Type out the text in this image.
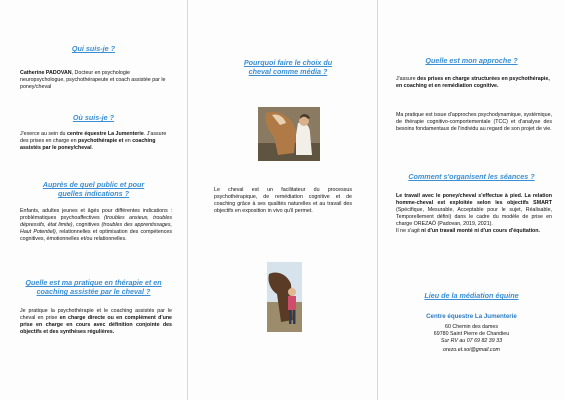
Qui suis-je ?

Catherine PADOVAN, Docteur en psychologie neuropsychologue, psychothérapeute et coach assistée par le poney/cheval

Où suis-je ?

J'exerce au sein du centre équestre La Jumenterie. J'assure des prises en charge en psychothérapie et en coaching assistés par le poney/cheval.

Auprès de quel public et pour quelles indications ?

Enfants, adultes jeunes et âgés pour différentes indications : problématiques psychoaffectives (troubles anxieux, troubles dépressifs, état limite), cognitives (troubles des apprentissages, Haut Potentiel), relationnelles et optimisation des compétences cognitives, émotionnelles et/ou relationnelles.

Quelle est ma pratique en thérapie et en coaching assistée par le cheval ?

Je pratique la psychothérapie et le coaching assistés par le cheval en prise en charge directe ou en complément d'une prise en charge en cours avec définition conjointe des objectifs et des synthèses régulières.

Pourquoi faire le choix du cheval comme média ?

Le cheval est un facilitateur du processus psychothérapique, de remédiation cognitive et de coaching grâce à ses qualités naturelles et au travail des objectifs en exposition in vivo qu'il permet.

Quelle est mon approche ?

J'assure des prises en charge structurées en psychothérapie, en coaching et en remédiation cognitive.

Ma pratique est issue d'approches psychodynamique, systémique, de thérapie cognitivo-comportementale (TCC) et d'analyse des besoins fondamentaux de l'individu au regard de son projet de vie.

Comment s'organisent les séances ?

Le travail avec le poney/cheval s'effectue à pied. La relation homme-cheval est exploitée selon les objectifs SMART (Spécifique, Mesurable, Acceptable pour le sujet, Réalisable, Temporellement défini) dans le cadre du modèle de prise en charge OREZAÖ (Padovan, 2019, 2021).
Il ne s'agit ni d'un travail monté ni d'un cours d'équitation.

Lieu de la médiation équine

Centre équestre La Jumenterie

60 Chemin des dames

69780 Saint Pierre de Chandieu

Sur RV au 07 69 82 39 33

orezo.et.soi@gmail.com
